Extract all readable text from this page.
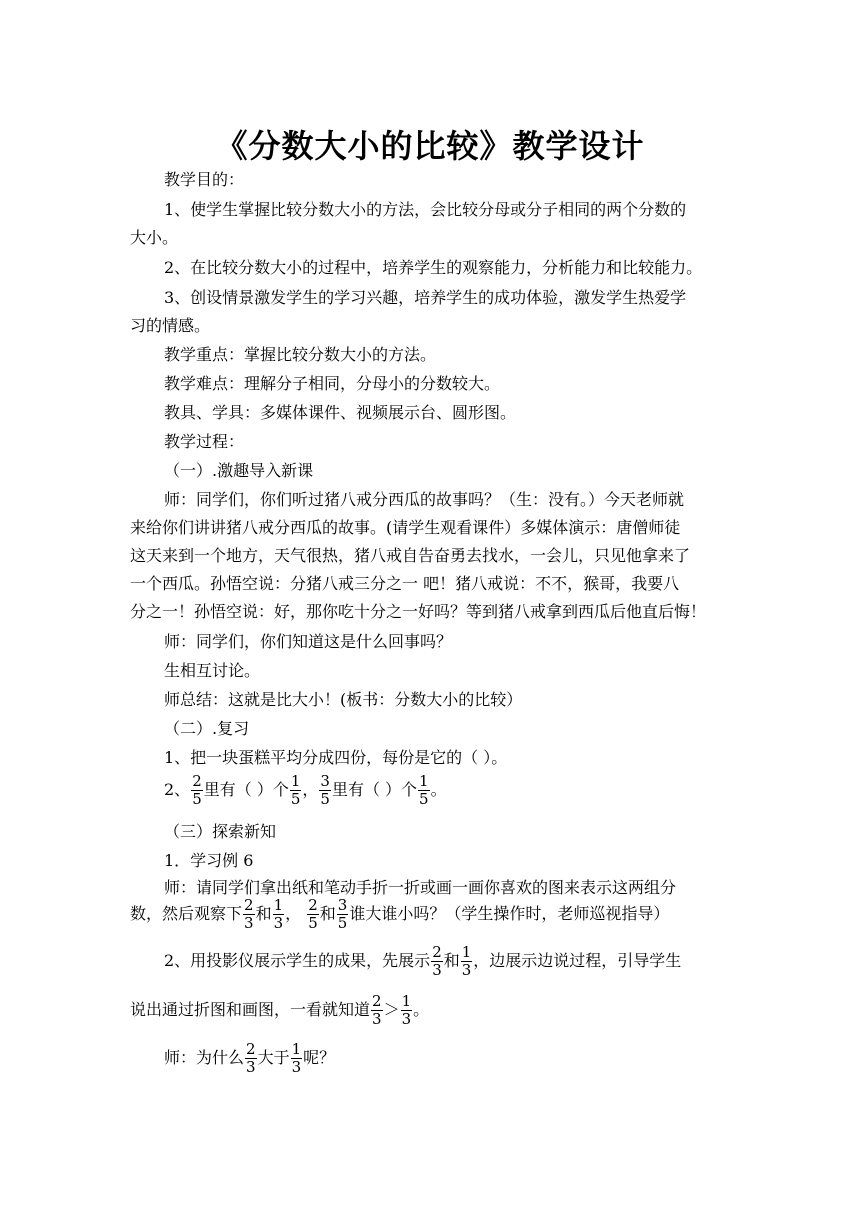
《分数大小的比较》教学设计
教学目的：
1、使学生掌握比较分数大小的方法，会比较分母或分子相同的两个分数的
大小。
2、在比较分数大小的过程中，培养学生的观察能力，分析能力和比较能力。
3、创设情景激发学生的学习兴趣，培养学生的成功体验，激发学生热爱学
习的情感。
教学重点：掌握比较分数大小的方法。
教学难点：理解分子相同，分母小的分数较大。
教具、学具：多媒体课件、视频展示台、圆形图。
教学过程：
（一）.激趣导入新课
师：同学们，你们听过猪八戒分西瓜的故事吗？（生：没有。）今天老师就
来给你们讲讲猪八戒分西瓜的故事。(请学生观看课件）多媒体演示：唐僧师徒
这天来到一个地方，天气很热，猪八戒自告奋勇去找水，一会儿，只见他拿来了
一个西瓜。孙悟空说：分猪八戒三分之一 吧！猪八戒说：不不，猴哥，我要八
分之一！孙悟空说：好，那你吃十分之一好吗？等到猪八戒拿到西瓜后他直后悔！
师：同学们，你们知道这是什么回事吗？
生相互讨论。
师总结：这就是比大小！(板书：分数大小的比较）
（二）.复习
1、把一块蛋糕平均分成四份，每份是它的（ ）。
2、 $\frac{2}{5}$ 里有（ ）个 $\frac{1}{5}$ ， $\frac{3}{5}$ 里有（ ）个 $\frac{1}{5}$ 。
（三）探索新知
1．学习例 6
师：请同学们拿出纸和笔动手折一折或画一画你喜欢的图来表示这两组分
数，然后观察下 $\frac{2}{3}$ 和 $\frac{1}{3}$ ， $\frac{2}{5}$ 和 $\frac{3}{5}$ 谁大谁小吗？（学生操作时，老师巡视指导）
2、用投影仪展示学生的成果，先展示 $\frac{2}{3}$ 和 $\frac{1}{3}$ ，边展示边说过程，引导学生
说出通过折图和画图，一看就知道 $\frac{2}{3} > \frac{1}{3}$ 。
师：为什么 $\frac{2}{3}$ 大于 $\frac{1}{3}$ 呢？
